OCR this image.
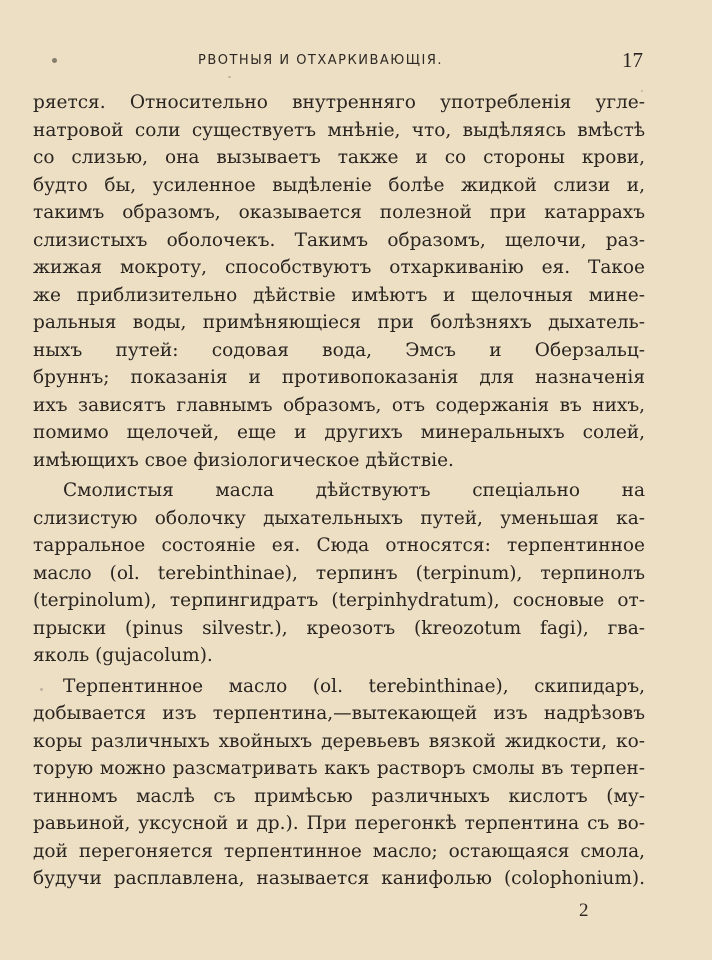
РВОТНЫЯ И ОТХАРКИВАЮЩIЯ.	17
ряется. Относительно внутренняго употребленія угле-
натровой соли существуетъ мнѣніе, что, выдѣляясь вмѣстѣ
со слизью, она вызываетъ также и со стороны крови,
будто бы, усиленное выдѣленіе болѣе жидкой слизи и,
такимъ образомъ, оказывается полезной при катаррахъ
слизистыхъ оболочекъ. Такимъ образомъ, щелочи, раз-
жижая мокроту, способствуютъ отхаркиванію ея. Такое
же приблизительно дѣйствіе имѣютъ и щелочныя мине-
ральныя воды, примѣняющіеся при болѣзняхъ дыхатель-
ныхъ путей: содовая вода, Эмсъ и Оберзальц-
бруннъ; показанія и противопоказанія для назначенія
ихъ зависятъ главнымъ образомъ, отъ содержанія въ нихъ,
помимо щелочей, еще и другихъ минеральныхъ солей,
имѣющихъ свое физіологическое дѣйствіе.
Смолистыя масла дѣйствуютъ спеціально на
слизистую оболочку дыхательныхъ путей, уменьшая ка-
тарральное состояніе ея. Сюда относятся: терпентинное
масло (ol. terebinthinae), терпинъ (terpinum), терпинолъ
(terpinolum), терпингидратъ (terpinhydratum), сосновые от-
прыски (pinus silvestr.), креозотъ (kreozotum fagi), гва-
яколь (gujacolum).
Терпентинное масло (ol. terebinthinae), скипидаръ,
добывается изъ терпентина,—вытекающей изъ надрѣзовъ
коры различныхъ хвойныхъ деревьевъ вязкой жидкости, ко-
торую можно разсматривать какъ растворъ смолы въ терпен-
тинномъ маслѣ съ примѣсью различныхъ кислотъ (му-
равьиной, уксусной и др.). При перегонкѣ терпентина съ во-
дой перегоняется терпентинное масло; остающаяся смола,
будучи расплавлена, называется канифолью (colophonium).
2
